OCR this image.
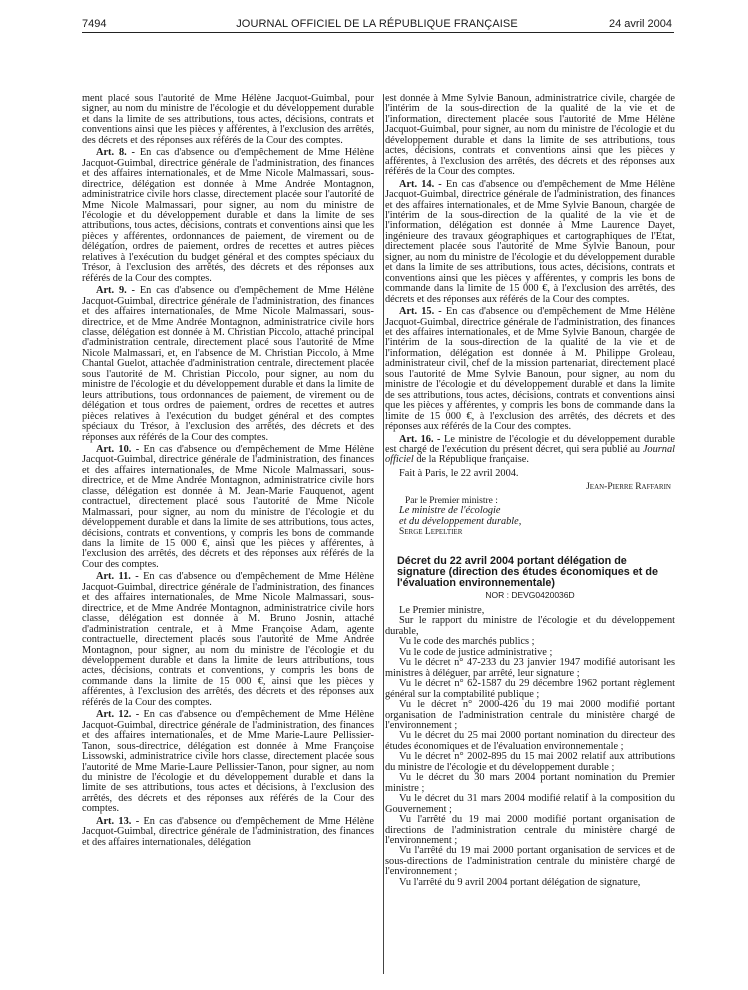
7494	JOURNAL OFFICIEL DE LA RÉPUBLIQUE FRANÇAISE	24 avril 2004

ment placé sous l'autorité de Mme Hélène Jacquot-Guimbal, pour signer, au nom du ministre de l'écologie et du développement durable et dans la limite de ses attributions, tous actes, décisions, contrats et conventions ainsi que les pièces y afférentes, à l'exclusion des arrêtés, des décrets et des réponses aux référés de la Cour des comptes.

Art. 8. - En cas d'absence ou d'empêchement de Mme Hélène Jacquot-Guimbal, directrice générale de l'administration, des finances et des affaires internationales, et de Mme Nicole Malmassari, sous-directrice, délégation est donnée à Mme Andrée Montagnon, administratrice civile hors classe, directement placée sour l'autorité de Mme Nicole Malmassari, pour signer, au nom du ministre de l'écologie et du développement durable et dans la limite de ses attributions, tous actes, décisions, contrats et conventions ainsi que les pièces y afférentes, ordonnances de paiement, de virement ou de délégation, ordres de paiement, ordres de recettes et autres pièces relatives à l'exécution du budget général et des comptes spéciaux du Trésor, à l'exclusion des arrêtés, des décrets et des réponses aux référés de la Cour des comptes.

Art. 9. - En cas d'absence ou d'empêchement de Mme Hélène Jacquot-Guimbal, directrice générale de l'administration, des finances et des affaires internationales, de Mme Nicole Malmassari, sous-directrice, et de Mme Andrée Montagnon, administratrice civile hors classe, délégation est donnée à M. Christian Piccolo, attaché principal d'administration centrale, directement placé sous l'autorité de Mme Nicole Malmassari, et, en l'absence de M. Christian Piccolo, à Mme Chantal Guelot, attachée d'administration centrale, directement placée sous l'autorité de M. Christian Piccolo, pour signer, au nom du ministre de l'écologie et du développement durable et dans la limite de leurs attributions, tous ordonnances de paiement, de virement ou de délégation et tous ordres de paiement, ordres de recettes et autres pièces relatives à l'exécution du budget général et des comptes spéciaux du Trésor, à l'exclusion des arrêtés, des décrets et des réponses aux référés de la Cour des comptes.

Art. 10. - En cas d'absence ou d'empêchement de Mme Hélène Jacquot-Guimbal, directrice générale de l'administration, des finances et des affaires internationales, de Mme Nicole Malmassari, sous-directrice, et de Mme Andrée Montagnon, administratrice civile hors classe, délégation est donnée à M. Jean-Marie Fauquenot, agent contractuel, directement placé sous l'autorité de Mme Nicole Malmassari, pour signer, au nom du ministre de l'écologie et du développement durable et dans la limite de ses attributions, tous actes, décisions, contrats et conventions, y compris les bons de commande dans la limite de 15 000 €, ainsi que les pièces y afférentes, à l'exclusion des arrêtés, des décrets et des réponses aux référés de la Cour des comptes.

Art. 11. - En cas d'absence ou d'empêchement de Mme Hélène Jacquot-Guimbal, directrice générale de l'administration, des finances et des affaires internationales, de Mme Nicole Malmassari, sous-directrice, et de Mme Andrée Montagnon, administratrice civile hors classe, délégation est donnée à M. Bruno Josnin, attaché d'administration centrale, et à Mme Françoise Adam, agente contractuelle, directement placés sous l'autorité de Mme Andrée Montagnon, pour signer, au nom du ministre de l'écologie et du développement durable et dans la limite de leurs attributions, tous actes, décisions, contrats et conventions, y compris les bons de commande dans la limite de 15 000 €, ainsi que les pièces y afférentes, à l'exclusion des arrêtés, des décrets et des réponses aux référés de la Cour des comptes.

Art. 12. - En cas d'absence ou d'empêchement de Mme Hélène Jacquot-Guimbal, directrice générale de l'administration, des finances et des affaires internationales, et de Mme Marie-Laure Pellissier-Tanon, sous-directrice, délégation est donnée à Mme Françoise Lissowski, administratrice civile hors classe, directement placée sous l'autorité de Mme Marie-Laure Pellissier-Tanon, pour signer, au nom du ministre de l'écologie et du développement durable et dans la limite de ses attributions, tous actes et décisions, à l'exclusion des arrêtés, des décrets et des réponses aux référés de la Cour des comptes.

Art. 13. - En cas d'absence ou d'empêchement de Mme Hélène Jacquot-Guimbal, directrice générale de l'administration, des finances et des affaires internationales, délégation

est donnée à Mme Sylvie Banoun, administratrice civile, chargée de l'intérim de la sous-direction de la qualité de la vie et de l'information, directement placée sous l'autorité de Mme Hélène Jacquot-Guimbal, pour signer, au nom du ministre de l'écologie et du développement durable et dans la limite de ses attributions, tous actes, décisions, contrats et conventions ainsi que les pièces y afférentes, à l'exclusion des arrêtés, des décrets et des réponses aux référés de la Cour des comptes.

Art. 14. - En cas d'absence ou d'empêchement de Mme Hélène Jacquot-Guimbal, directrice générale de l'administration, des finances et des affaires internationales, et de Mme Sylvie Banoun, chargée de l'intérim de la sous-direction de la qualité de la vie et de l'information, délégation est donnée à Mme Laurence Dayet, ingénieure des travaux géographiques et cartographiques de l'Etat, directement placée sous l'autorité de Mme Sylvie Banoun, pour signer, au nom du ministre de l'écologie et du développement durable et dans la limite de ses attributions, tous actes, décisions, contrats et conventions ainsi que les pièces y afférentes, y compris les bons de commande dans la limite de 15 000 €, à l'exclusion des arrêtés, des décrets et des réponses aux référés de la Cour des comptes.

Art. 15. - En cas d'absence ou d'empêchement de Mme Hélène Jacquot-Guimbal, directrice générale de l'administration, des finances et des affaires internationales, et de Mme Sylvie Banoun, chargée de l'intérim de la sous-direction de la qualité de la vie et de l'information, délégation est donnée à M. Philippe Groleau, administrateur civil, chef de la mission partenariat, directement placé sous l'autorité de Mme Sylvie Banoun, pour signer, au nom du ministre de l'écologie et du développement durable et dans la limite de ses attributions, tous actes, décisions, contrats et conventions ainsi que les pièces y afférentes, y compris les bons de commande dans la limite de 15 000 €, à l'exclusion des arrêtés, des décrets et des réponses aux référés de la Cour des comptes.

Art. 16. - Le ministre de l'écologie et du développement durable est chargé de l'exécution du présent décret, qui sera publié au Journal officiel de la République française.

Fait à Paris, le 22 avril 2004.

Jean-Pierre Raffarin

Par le Premier ministre :

Le ministre de l'écologie

et du développement durable,

Serge Lepeltier

Décret du 22 avril 2004 portant délégation de signature (direction des études économiques et de l'évaluation environnementale)
NOR : DEVG0420036D

Le Premier ministre,

Sur le rapport du ministre de l'écologie et du développement durable,

Vu le code des marchés publics ;

Vu le code de justice administrative ;

Vu le décret n° 47-233 du 23 janvier 1947 modifié autorisant les ministres à déléguer, par arrêté, leur signature ;

Vu le décret n° 62-1587 du 29 décembre 1962 portant règlement général sur la comptabilité publique ;

Vu le décret n° 2000-426 du 19 mai 2000 modifié portant organisation de l'administration centrale du ministère chargé de l'environnement ;

Vu le décret du 25 mai 2000 portant nomination du directeur des études économiques et de l'évaluation environnementale ;

Vu le décret n° 2002-895 du 15 mai 2002 relatif aux attributions du ministre de l'écologie et du développement durable ;

Vu le décret du 30 mars 2004 portant nomination du Premier ministre ;

Vu le décret du 31 mars 2004 modifié relatif à la composition du Gouvernement ;

Vu l'arrêté du 19 mai 2000 modifié portant organisation de directions de l'administration centrale du ministère chargé de l'environnement ;

Vu l'arrêté du 19 mai 2000 portant organisation de services et de sous-directions de l'administration centrale du ministère chargé de l'environnement ;

Vu l'arrêté du 9 avril 2004 portant délégation de signature,
